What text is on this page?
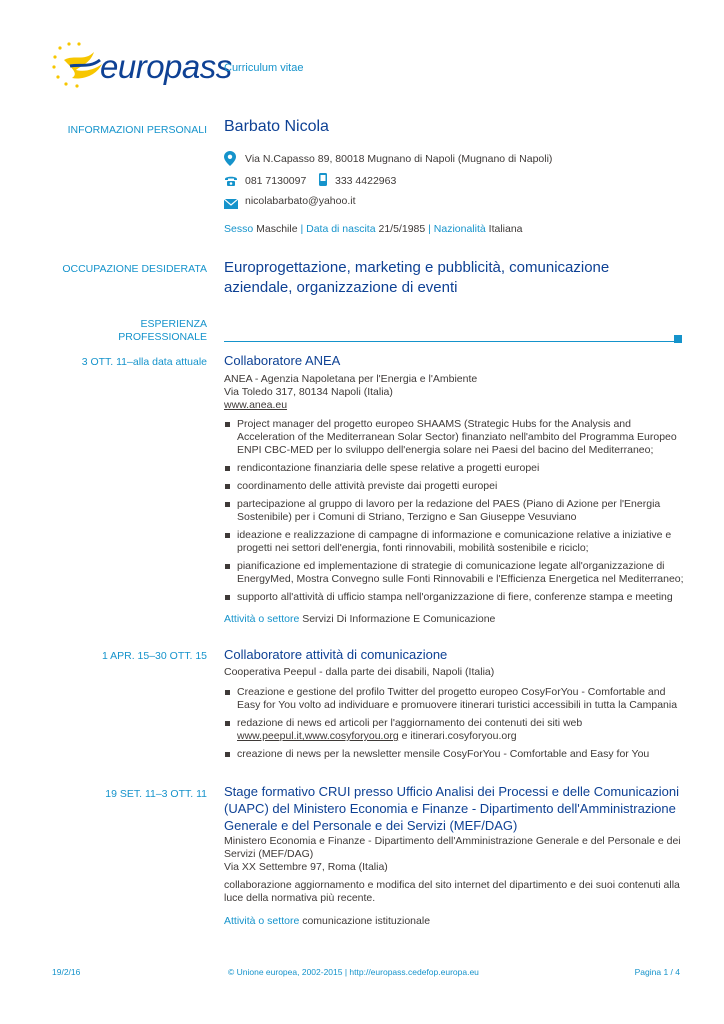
europass
Curriculum vitae
INFORMAZIONI PERSONALI Barbato Nicola
Via N.Capasso 89, 80018 Mugnano di Napoli (Mugnano di Napoli)
081 7130097	333 4422963
nicolabarbato@yahoo.it
Sesso Maschile | Data di nascita 21/5/1985 | Nazionalità Italiana
OCCUPAZIONE DESIDERATA Europrogettazione, marketing e pubblicità, comunicazione
aziendale, organizzazione di eventi
ESPERIENZA
PROFESSIONALE
3 OTT. 11–alla data attuale Collaboratore ANEA
ANEA - Agenzia Napoletana per l'Energia e l'Ambiente
Via Toledo 317, 80134 Napoli (Italia)
www.anea.eu
Project manager del progetto europeo SHAAMS (Strategic Hubs for the Analysis and Acceleration of the Mediterranean Solar Sector) finanziato nell'ambito del Programma Europeo ENPI CBC-MED per lo sviluppo dell'energia solare nei Paesi del bacino del Mediterraneo;
rendicontazione finanziaria delle spese relative a progetti europei
coordinamento delle attività previste dai progetti europei
partecipazione al gruppo di lavoro per la redazione del PAES (Piano di Azione per l'Energia Sostenibile) per i Comuni di Striano, Terzigno e San Giuseppe Vesuviano
ideazione e realizzazione di campagne di informazione e comunicazione relative a iniziative e progetti nei settori dell'energia, fonti rinnovabili, mobilità sostenibile e riciclo;
pianificazione ed implementazione di strategie di comunicazione legate all'organizzazione di EnergyMed, Mostra Convegno sulle Fonti Rinnovabili e l'Efficienza Energetica nel Mediterraneo;
supporto all'attività di ufficio stampa nell'organizzazione di fiere, conferenze stampa e meeting
Attività o settore Servizi Di Informazione E Comunicazione
1 APR. 15–30 OTT. 15 Collaboratore attività di comunicazione
Cooperativa Peepul - dalla parte dei disabili, Napoli (Italia)
Creazione e gestione del profilo Twitter del progetto europeo CosyForYou - Comfortable and Easy for You volto ad individuare e promuovere itinerari turistici accessibili in tutta la Campania
redazione di news ed articoli per l'aggiornamento dei contenuti dei siti web
www.peepul.it,www.cosyforyou.org e itinerari.cosyforyou.org
creazione di news per la newsletter mensile CosyForYou - Comfortable and Easy for You
19 SET. 11–3 OTT. 11 Stage formativo CRUI presso Ufficio Analisi dei Processi e delle Comunicazioni
(UAPC) del Ministero Economia e Finanze - Dipartimento dell'Amministrazione
Generale e del Personale e dei Servizi (MEF/DAG)
Ministero Economia e Finanze - Dipartimento dell'Amministrazione Generale e del Personale e dei Servizi (MEF/DAG)
Via XX Settembre 97, Roma (Italia)
collaborazione aggiornamento e modifica del sito internet del dipartimento e dei suoi contenuti alla luce della normativa più recente.
Attività o settore comunicazione istituzionale
19/2/16	© Unione europea, 2002-2015 | http://europass.cedefop.europa.eu	Pagina 1 / 4
